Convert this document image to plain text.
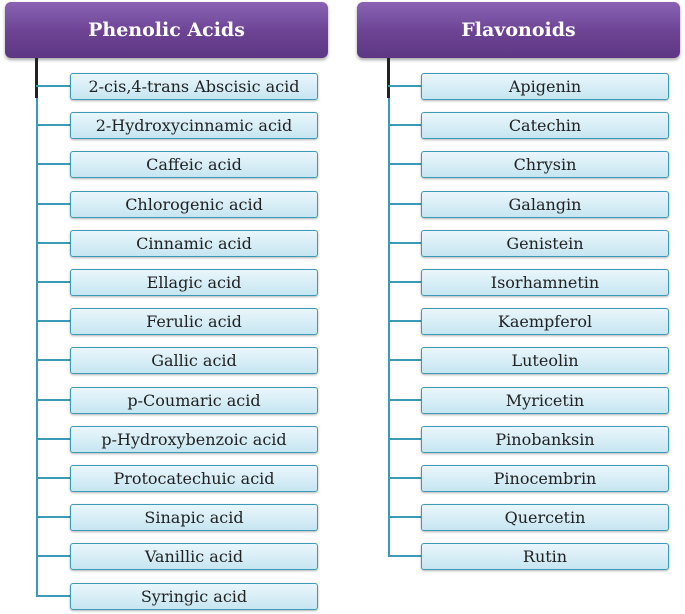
Phenolic Acids
2-cis,4-trans Abscisic acid
2-Hydroxycinnamic acid
Caffeic acid
Chlorogenic acid
Cinnamic acid
Ellagic acid
Ferulic acid
Gallic acid
p-Coumaric acid
p-Hydroxybenzoic acid
Protocatechuic acid
Sinapic acid
Vanillic acid
Syringic acid
Flavonoids
Apigenin
Catechin
Chrysin
Galangin
Genistein
Isorhamnetin
Kaempferol
Luteolin
Myricetin
Pinobanksin
Pinocembrin
Quercetin
Rutin
